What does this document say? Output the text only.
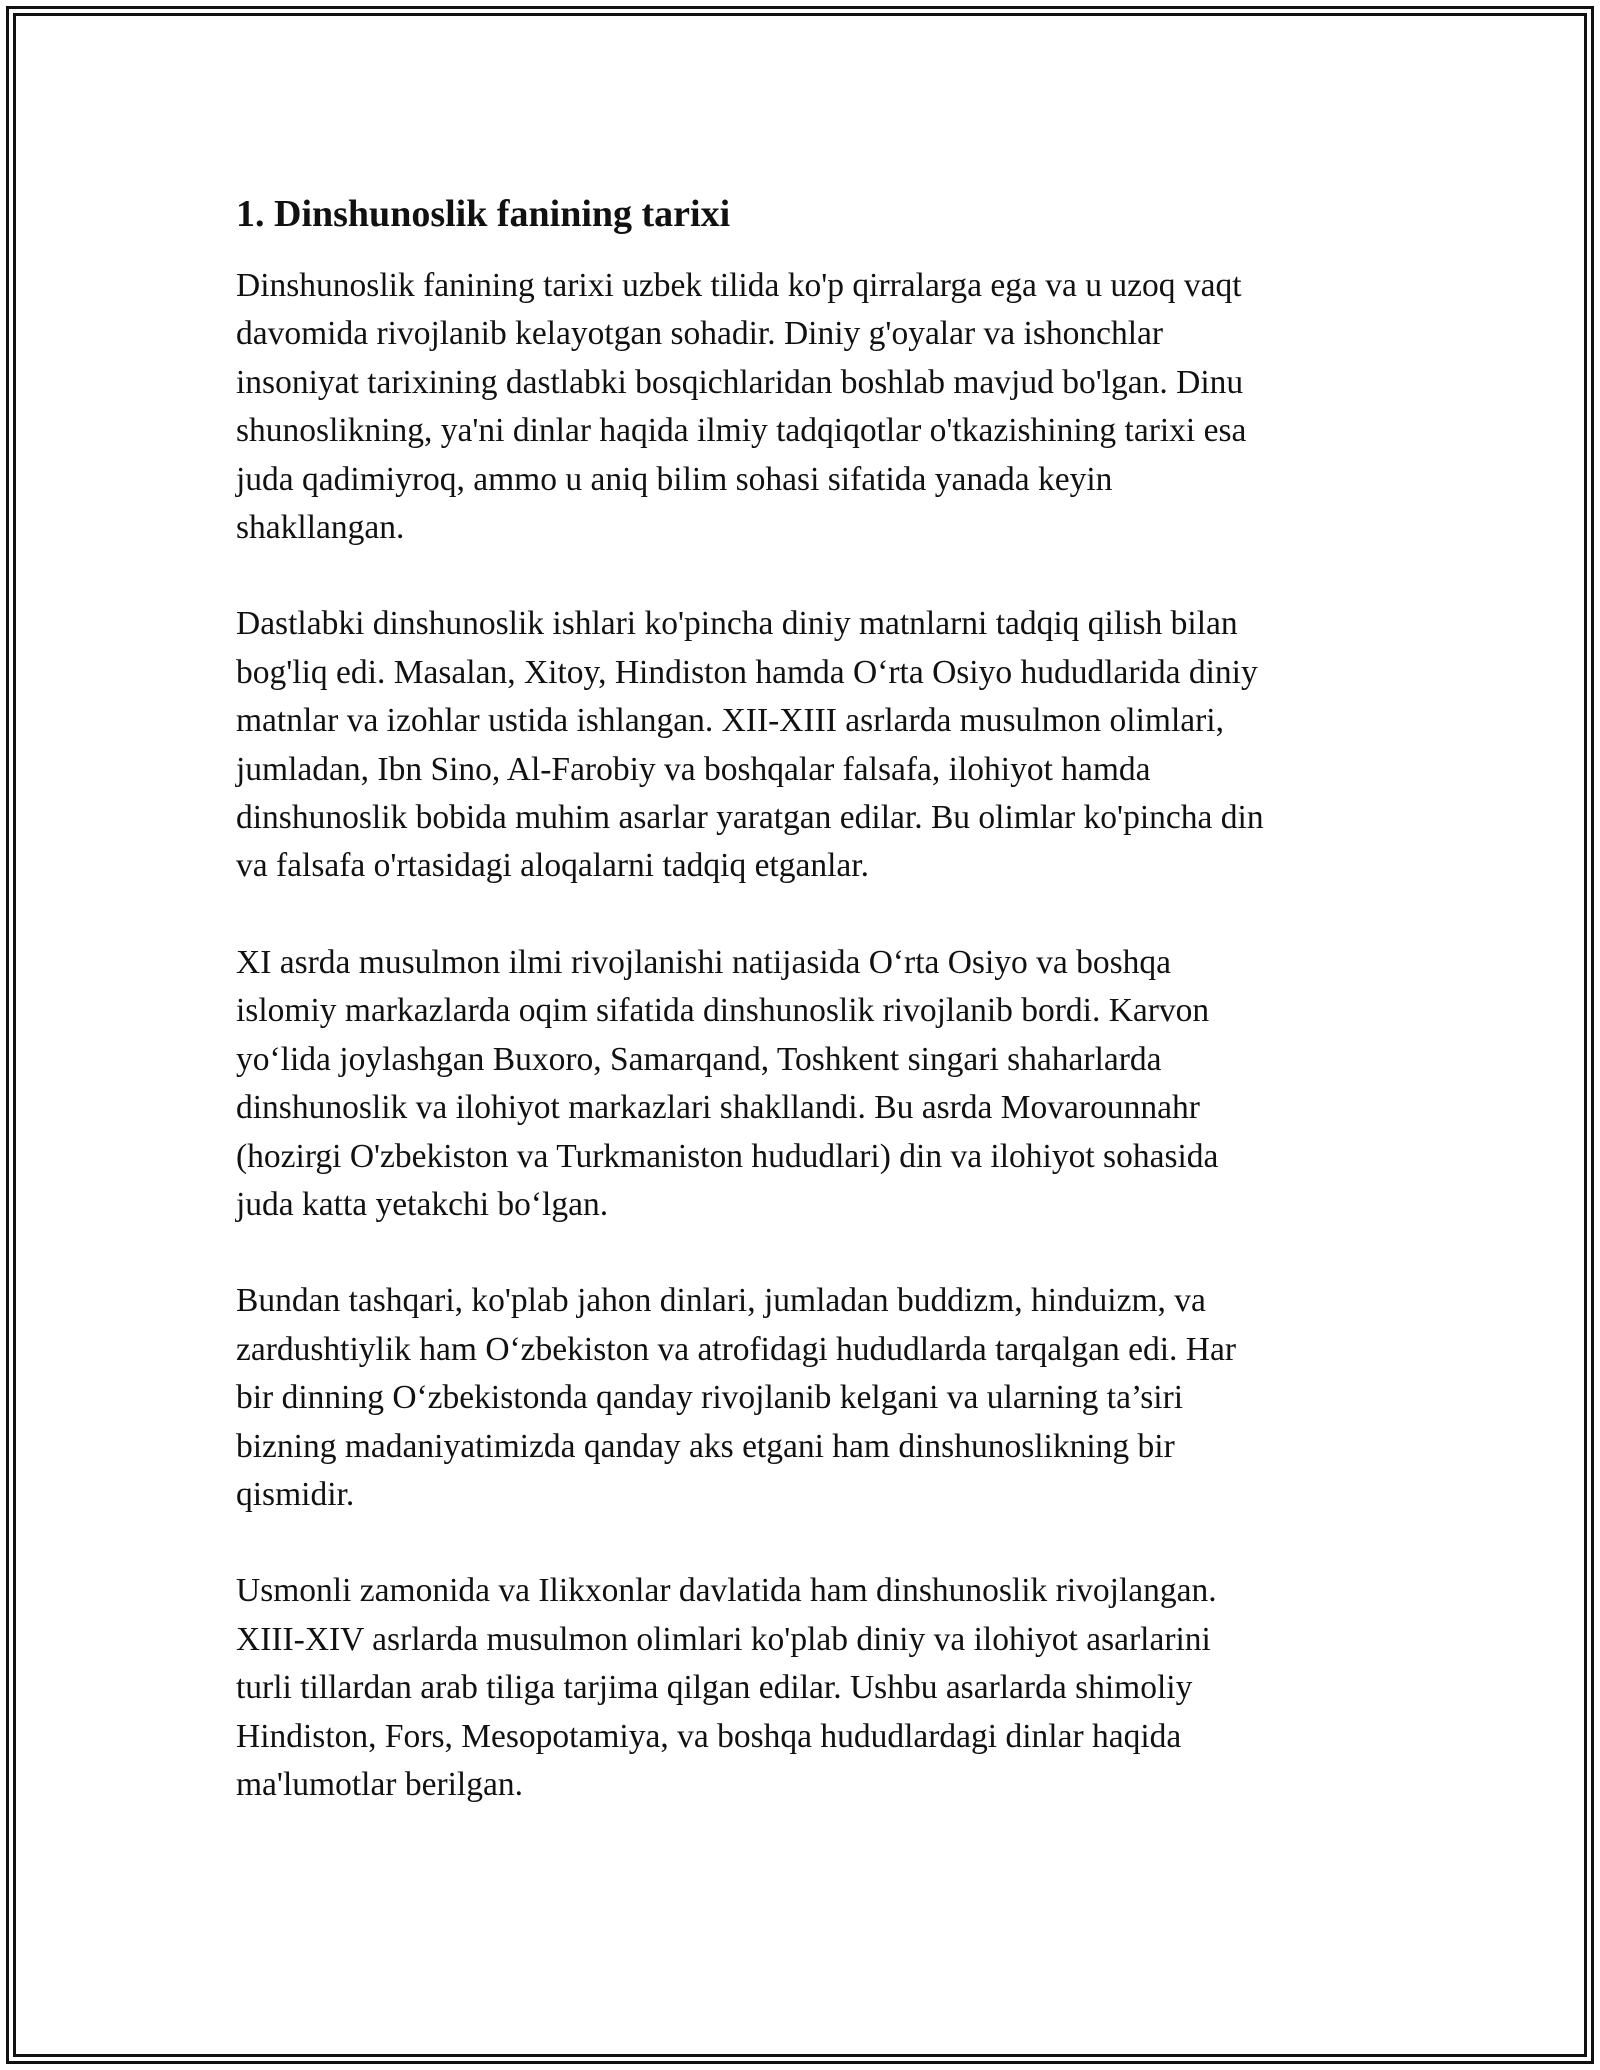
1. Dinshunoslik fanining tarixi

Dinshunoslik fanining tarixi uzbek tilida ko'p qirralarga ega va u uzoq vaqt
davomida rivojlanib kelayotgan sohadir. Diniy g'oyalar va ishonchlar
insoniyat tarixining dastlabki bosqichlaridan boshlab mavjud bo'lgan. Dinu
shunoslikning, ya'ni dinlar haqida ilmiy tadqiqotlar o'tkazishining tarixi esa
juda qadimiyroq, ammo u aniq bilim sohasi sifatida yanada keyin
shakllangan.

Dastlabki dinshunoslik ishlari ko'pincha diniy matnlarni tadqiq qilish bilan
bog'liq edi. Masalan, Xitoy, Hindiston hamda O‘rta Osiyo hududlarida diniy
matnlar va izohlar ustida ishlangan. XII-XIII asrlarda musulmon olimlari,
jumladan, Ibn Sino, Al-Farobiy va boshqalar falsafa, ilohiyot hamda
dinshunoslik bobida muhim asarlar yaratgan edilar. Bu olimlar ko'pincha din
va falsafa o'rtasidagi aloqalarni tadqiq etganlar.

XI asrda musulmon ilmi rivojlanishi natijasida O‘rta Osiyo va boshqa
islomiy markazlarda oqim sifatida dinshunoslik rivojlanib bordi. Karvon
yo‘lida joylashgan Buxoro, Samarqand, Toshkent singari shaharlarda
dinshunoslik va ilohiyot markazlari shakllandi. Bu asrda Movarounnahr
(hozirgi O'zbekiston va Turkmaniston hududlari) din va ilohiyot sohasida
juda katta yetakchi bo‘lgan.

Bundan tashqari, ko'plab jahon dinlari, jumladan buddizm, hinduizm, va
zardushtiylik ham O‘zbekiston va atrofidagi hududlarda tarqalgan edi. Har
bir dinning O‘zbekistonda qanday rivojlanib kelgani va ularning ta’siri
bizning madaniyatimizda qanday aks etgani ham dinshunoslikning bir
qismidir.

Usmonli zamonida va Ilikxonlar davlatida ham dinshunoslik rivojlangan.
XIII-XIV asrlarda musulmon olimlari ko'plab diniy va ilohiyot asarlarini
turli tillardan arab tiliga tarjima qilgan edilar. Ushbu asarlarda shimoliy
Hindiston, Fors, Mesopotamiya, va boshqa hududlardagi dinlar haqida
ma'lumotlar berilgan.
